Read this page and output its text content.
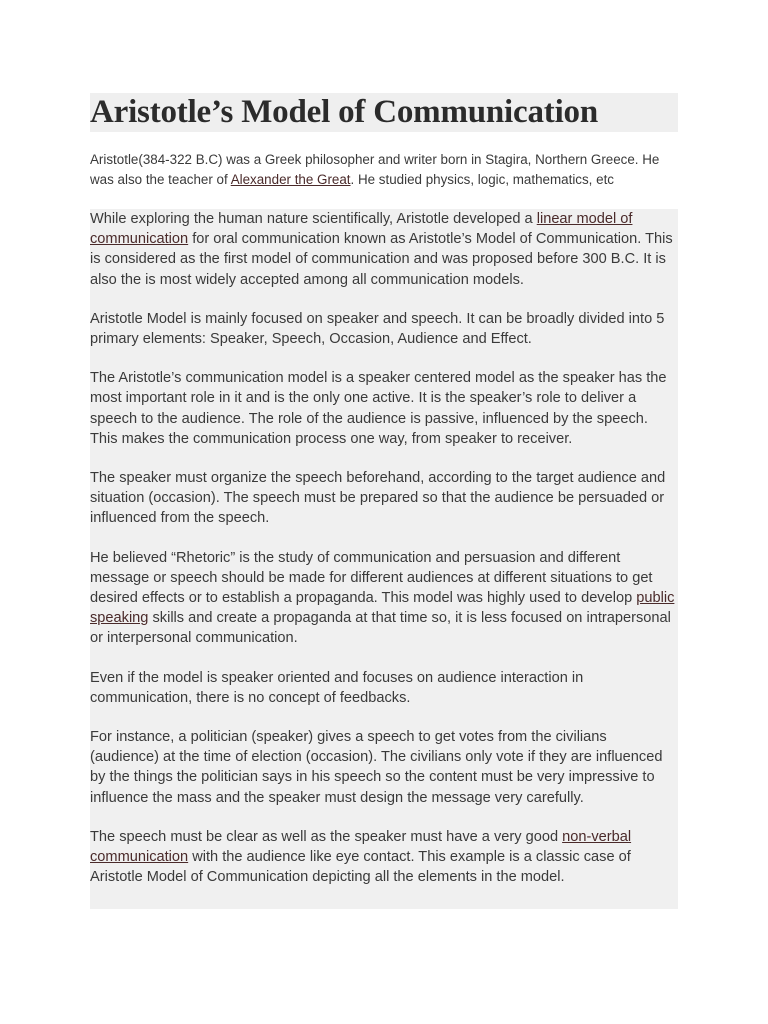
Aristotle’s Model of Communication
Aristotle(384-322 B.C) was a Greek philosopher and writer born in Stagira, Northern Greece. He was also the teacher of Alexander the Great. He studied physics, logic, mathematics, etc

While exploring the human nature scientifically, Aristotle developed a linear model of communication for oral communication known as Aristotle’s Model of Communication. This is considered as the first model of communication and was proposed before 300 B.C. It is also the is most widely accepted among all communication models.

Aristotle Model is mainly focused on speaker and speech. It can be broadly divided into 5 primary elements: Speaker, Speech, Occasion, Audience and Effect.

The Aristotle’s communication model is a speaker centered model as the speaker has the most important role in it and is the only one active. It is the speaker’s role to deliver a speech to the audience. The role of the audience is passive, influenced by the speech. This makes the communication process one way, from speaker to receiver.

The speaker must organize the speech beforehand, according to the target audience and situation (occasion). The speech must be prepared so that the audience be persuaded or influenced from the speech.

He believed “Rhetoric” is the study of communication and persuasion and different message or speech should be made for different audiences at different situations to get desired effects or to establish a propaganda. This model was highly used to develop public speaking skills and create a propaganda at that time so, it is less focused on intrapersonal or interpersonal communication.

Even if the model is speaker oriented and focuses on audience interaction in communication, there is no concept of feedbacks.

For instance, a politician (speaker) gives a speech to get votes from the civilians (audience) at the time of election (occasion). The civilians only vote if they are influenced by the things the politician says in his speech so the content must be very impressive to influence the mass and the speaker must design the message very carefully.

The speech must be clear as well as the speaker must have a very good non-verbal communication with the audience like eye contact. This example is a classic case of Aristotle Model of Communication depicting all the elements in the model.
